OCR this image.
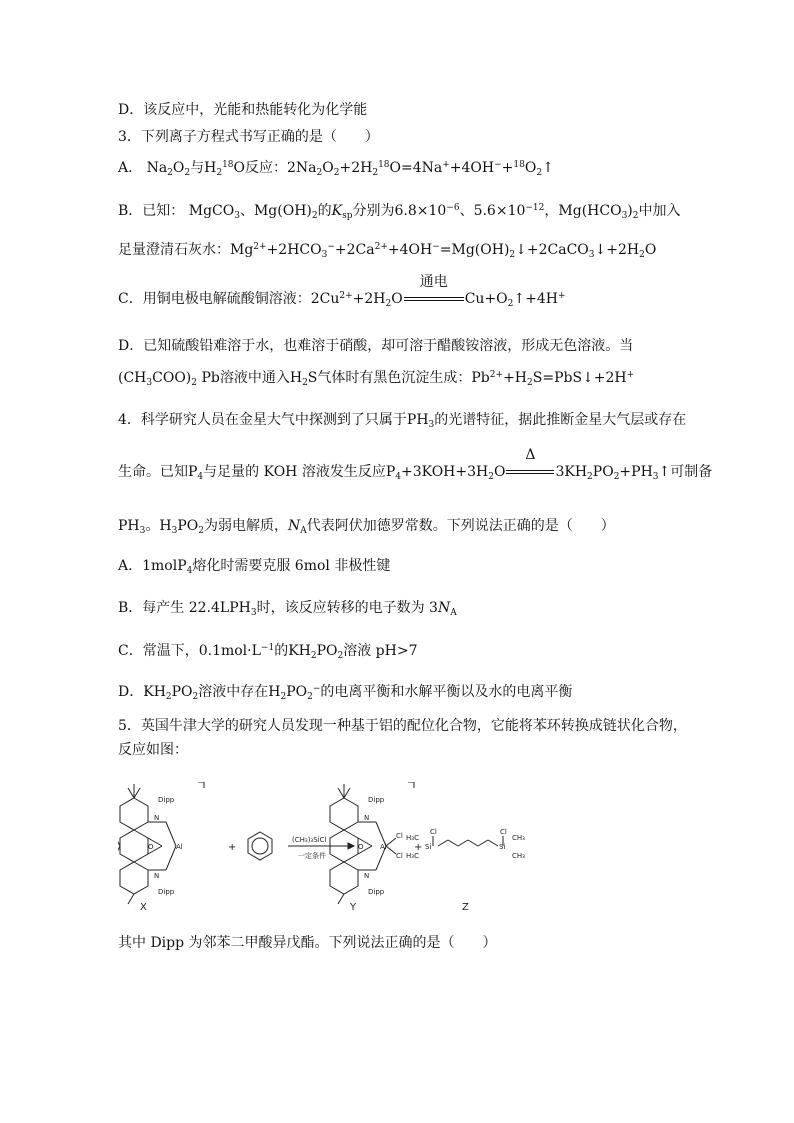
D．该反应中，光能和热能转化为化学能
3．下列离子方程式书写正确的是（　　）
A． $Na_2O_2$与$H_2^{18}O$反应：$2Na_2O_2+2H_2^{18}O=4Na^++4OH^-+^{18}O_2↑$
B．已知： MgCO$_3$、$Mg(OH)_2$的$K_{sp}$分别为$6.8\times 10^{-6}$、$5.6\times 10^{-12}$，$Mg(HCO_3)_2$中加入
足量澄清石灰水：$Mg^{2+}+2HCO_3^-+2Ca^{2+}+4OH^-=Mg(OH)_2↓+2CaCO_3↓+2H_2O$
C．用铜电极电解硫酸铜溶液：$2Cu^{2+}+2H_2O$
通电
$Cu+O_2↑+4H^+$
D．已知硫酸铅难溶于水，也难溶于硝酸，却可溶于醋酸铵溶液，形成无色溶液。当
$(CH_3COO)_2$ Pb溶液中通入$H_2S$气体时有黑色沉淀生成：$Pb^{2+}+H_2S=PbS↓+2H^+$
4．科学研究人员在金星大气中探测到了只属于$PH_3$的光谱特征，据此推断金星大气层或存在
生命。已知$P_4$与足量的 KOH 溶液发生反应$P_4+3KOH+3H_2O$
Δ
$3KH_2PO_2+PH_3↑$可制备
$PH_3$。$H_3PO_2$为弱电解质，$N_A$代表阿伏加德罗常数。下列说法正确的是（　　）
A．1molP$_4$熔化时需要克服 6mol 非极性键
B．每产生 $22.4LPH_3$时，该反应转移的电子数为 $3N_A$
C．常温下，$0.1mol\cdot L^{-1}$的$KH_2PO_2$溶液 pH>7
D．$KH_2PO_2$溶液中存在$H_2PO_2^-$的电离平衡和水解平衡以及水的电离平衡
5．英国牛津大学的研究人员发现一种基于铝的配位化合物，它能将苯环转换成链状化合物，
反应如图：
Dipp
Dipp
N
N
O	Al
Dipp
Dipp
N
N
O Al
Cl
Cl
Si	Si
Cl	Cl
H₃C
H₃C
CH₃
CH₃
(CH₃)₃SiCl
一定条件
+	+
X	Y	Z
其中 Dipp 为邻苯二甲酸异戊酯。下列说法正确的是（　　）
